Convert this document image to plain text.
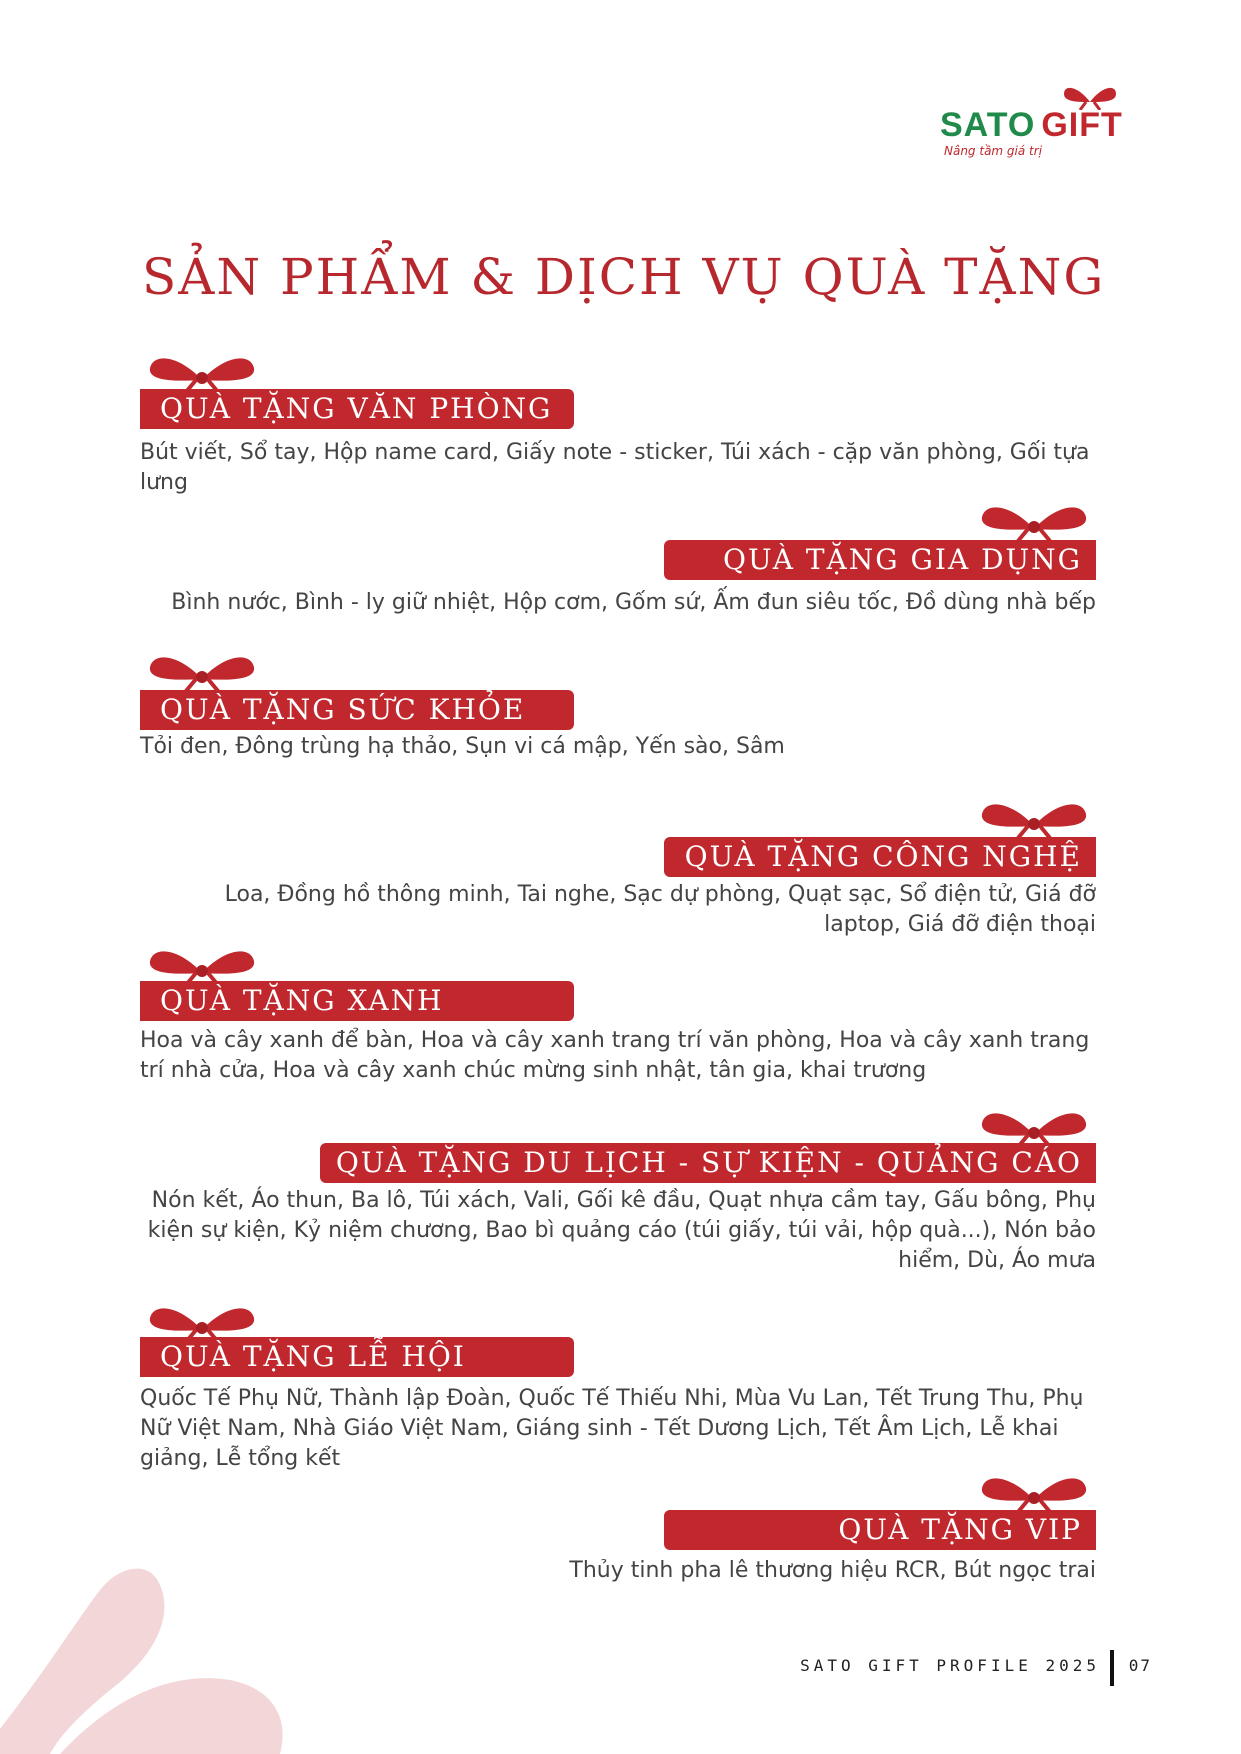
SATO GIFT
Nâng tầm giá trị
SẢN PHẨM & DỊCH VỤ QUÀ TẶNG
QUÀ TẶNG VĂN PHÒNG

Bút viết, Sổ tay, Hộp name card, Giấy note - sticker, Túi xách - cặp văn phòng, Gối tựa lưng

QUÀ TẶNG GIA DỤNG

Bình nước, Bình - ly giữ nhiệt, Hộp cơm, Gốm sứ, Ấm đun siêu tốc, Đồ dùng nhà bếp

QUÀ TẶNG SỨC KHỎE

Tỏi đen, Đông trùng hạ thảo, Sụn vi cá mập, Yến sào, Sâm

QUÀ TẶNG CÔNG NGHỆ

Loa, Đồng hồ thông minh, Tai nghe, Sạc dự phòng, Quạt sạc, Sổ điện tử, Giá đỡ laptop, Giá đỡ điện thoại

QUÀ TẶNG XANH

Hoa và cây xanh để bàn, Hoa và cây xanh trang trí văn phòng, Hoa và cây xanh trang trí nhà cửa, Hoa và cây xanh chúc mừng sinh nhật, tân gia, khai trương

QUÀ TẶNG DU LỊCH - SỰ KIỆN - QUẢNG CÁO

Nón kết, Áo thun, Ba lô, Túi xách, Vali, Gối kê đầu, Quạt nhựa cầm tay, Gấu bông, Phụ kiện sự kiện, Kỷ niệm chương, Bao bì quảng cáo (túi giấy, túi vải, hộp quà...), Nón bảo hiểm, Dù, Áo mưa

QUÀ TẶNG LỄ HỘI

Quốc Tế Phụ Nữ, Thành lập Đoàn, Quốc Tế Thiếu Nhi, Mùa Vu Lan, Tết Trung Thu, Phụ Nữ Việt Nam, Nhà Giáo Việt Nam, Giáng sinh - Tết Dương Lịch, Tết Âm Lịch, Lễ khai giảng, Lễ tổng kết

QUÀ TẶNG VIP

Thủy tinh pha lê thương hiệu RCR, Bút ngọc trai

SATO GIFT PROFILE 2025 07
